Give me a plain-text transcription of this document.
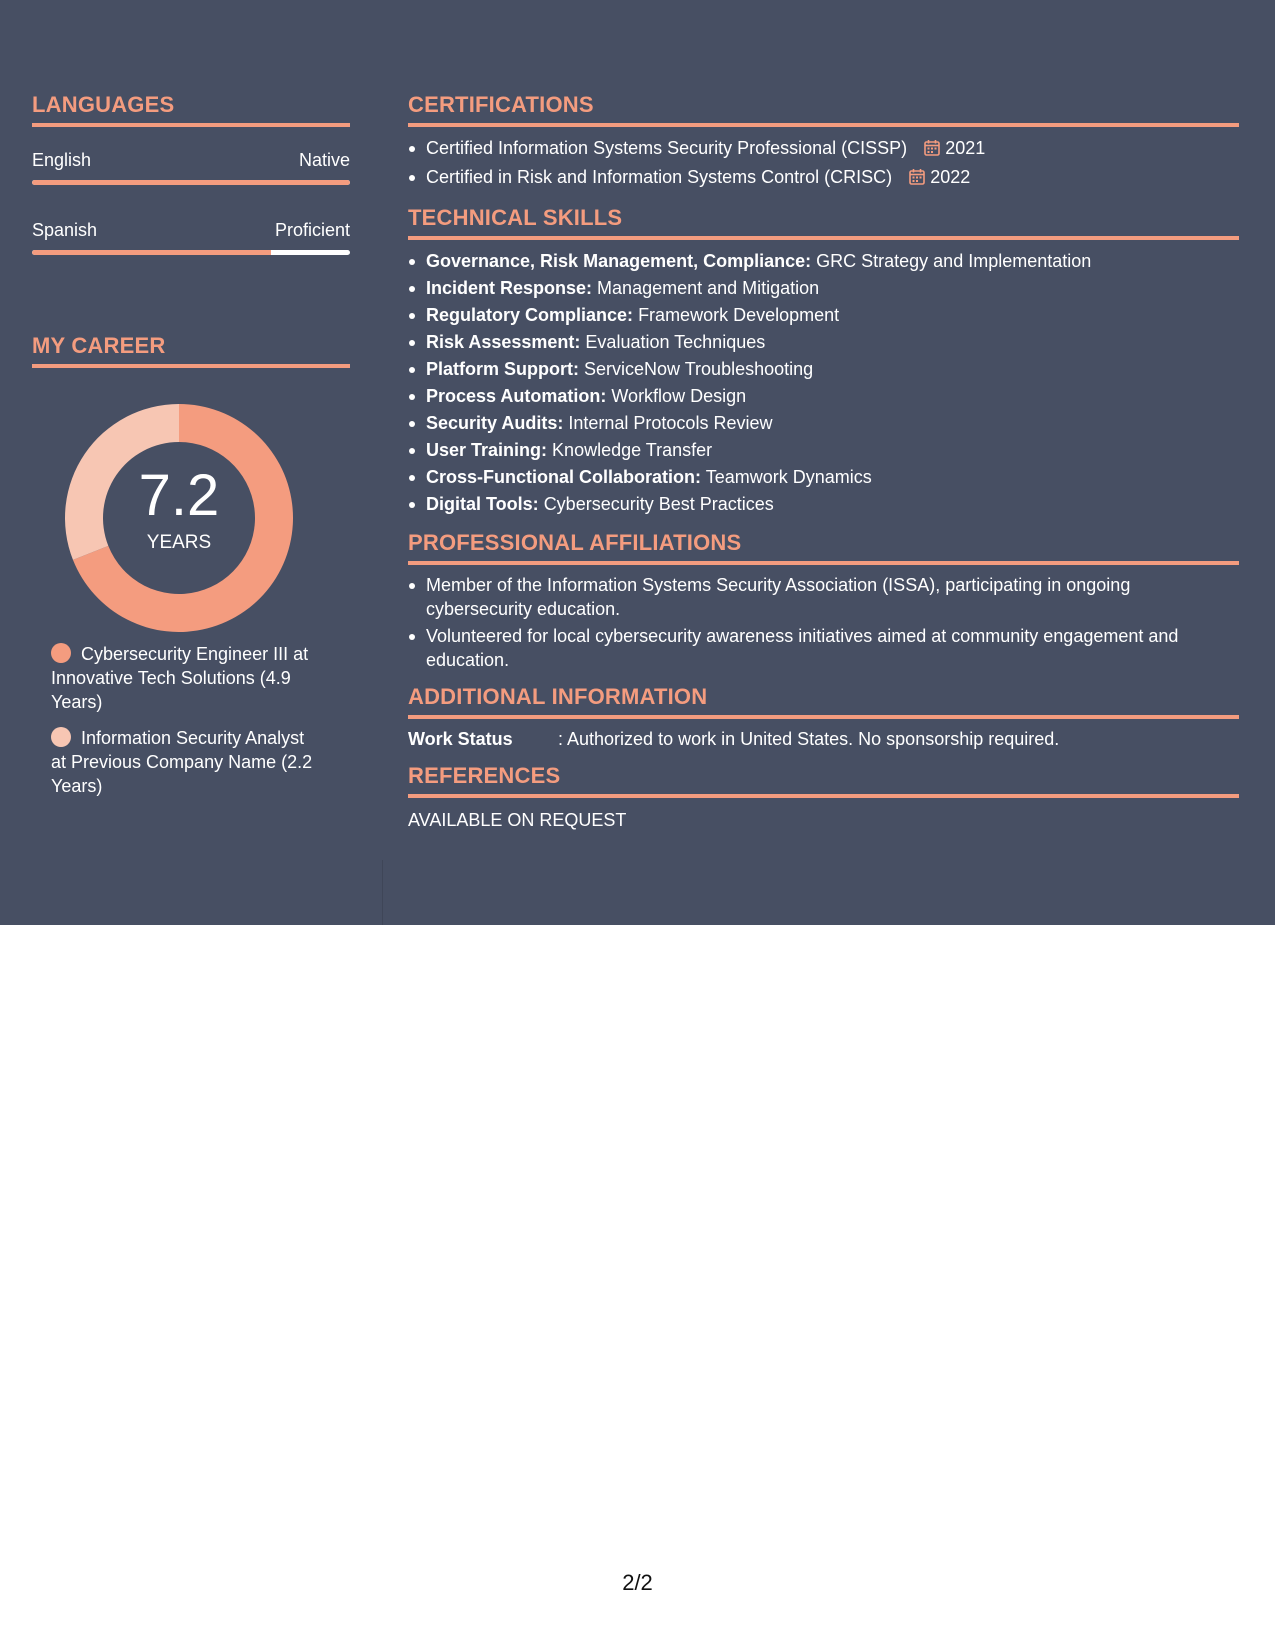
LANGUAGES
English	Native
Spanish	Proficient
MY CAREER
7.2
YEARS
Cybersecurity Engineer III at Innovative Tech Solutions (4.9 Years)
Information Security Analyst at Previous Company Name (2.2 Years)
CERTIFICATIONS
Certified Information Systems Security Professional (CISSP) 2021
Certified in Risk and Information Systems Control (CRISC) 2022
TECHNICAL SKILLS
Governance, Risk Management, Compliance: GRC Strategy and Implementation
Incident Response: Management and Mitigation
Regulatory Compliance: Framework Development
Risk Assessment: Evaluation Techniques
Platform Support: ServiceNow Troubleshooting
Process Automation: Workflow Design
Security Audits: Internal Protocols Review
User Training: Knowledge Transfer
Cross-Functional Collaboration: Teamwork Dynamics
Digital Tools: Cybersecurity Best Practices
PROFESSIONAL AFFILIATIONS
Member of the Information Systems Security Association (ISSA), participating in ongoing cybersecurity education.
Volunteered for local cybersecurity awareness initiatives aimed at community engagement and education.
ADDITIONAL INFORMATION
Work Status	: Authorized to work in United States. No sponsorship required.
REFERENCES
AVAILABLE ON REQUEST
2/2
